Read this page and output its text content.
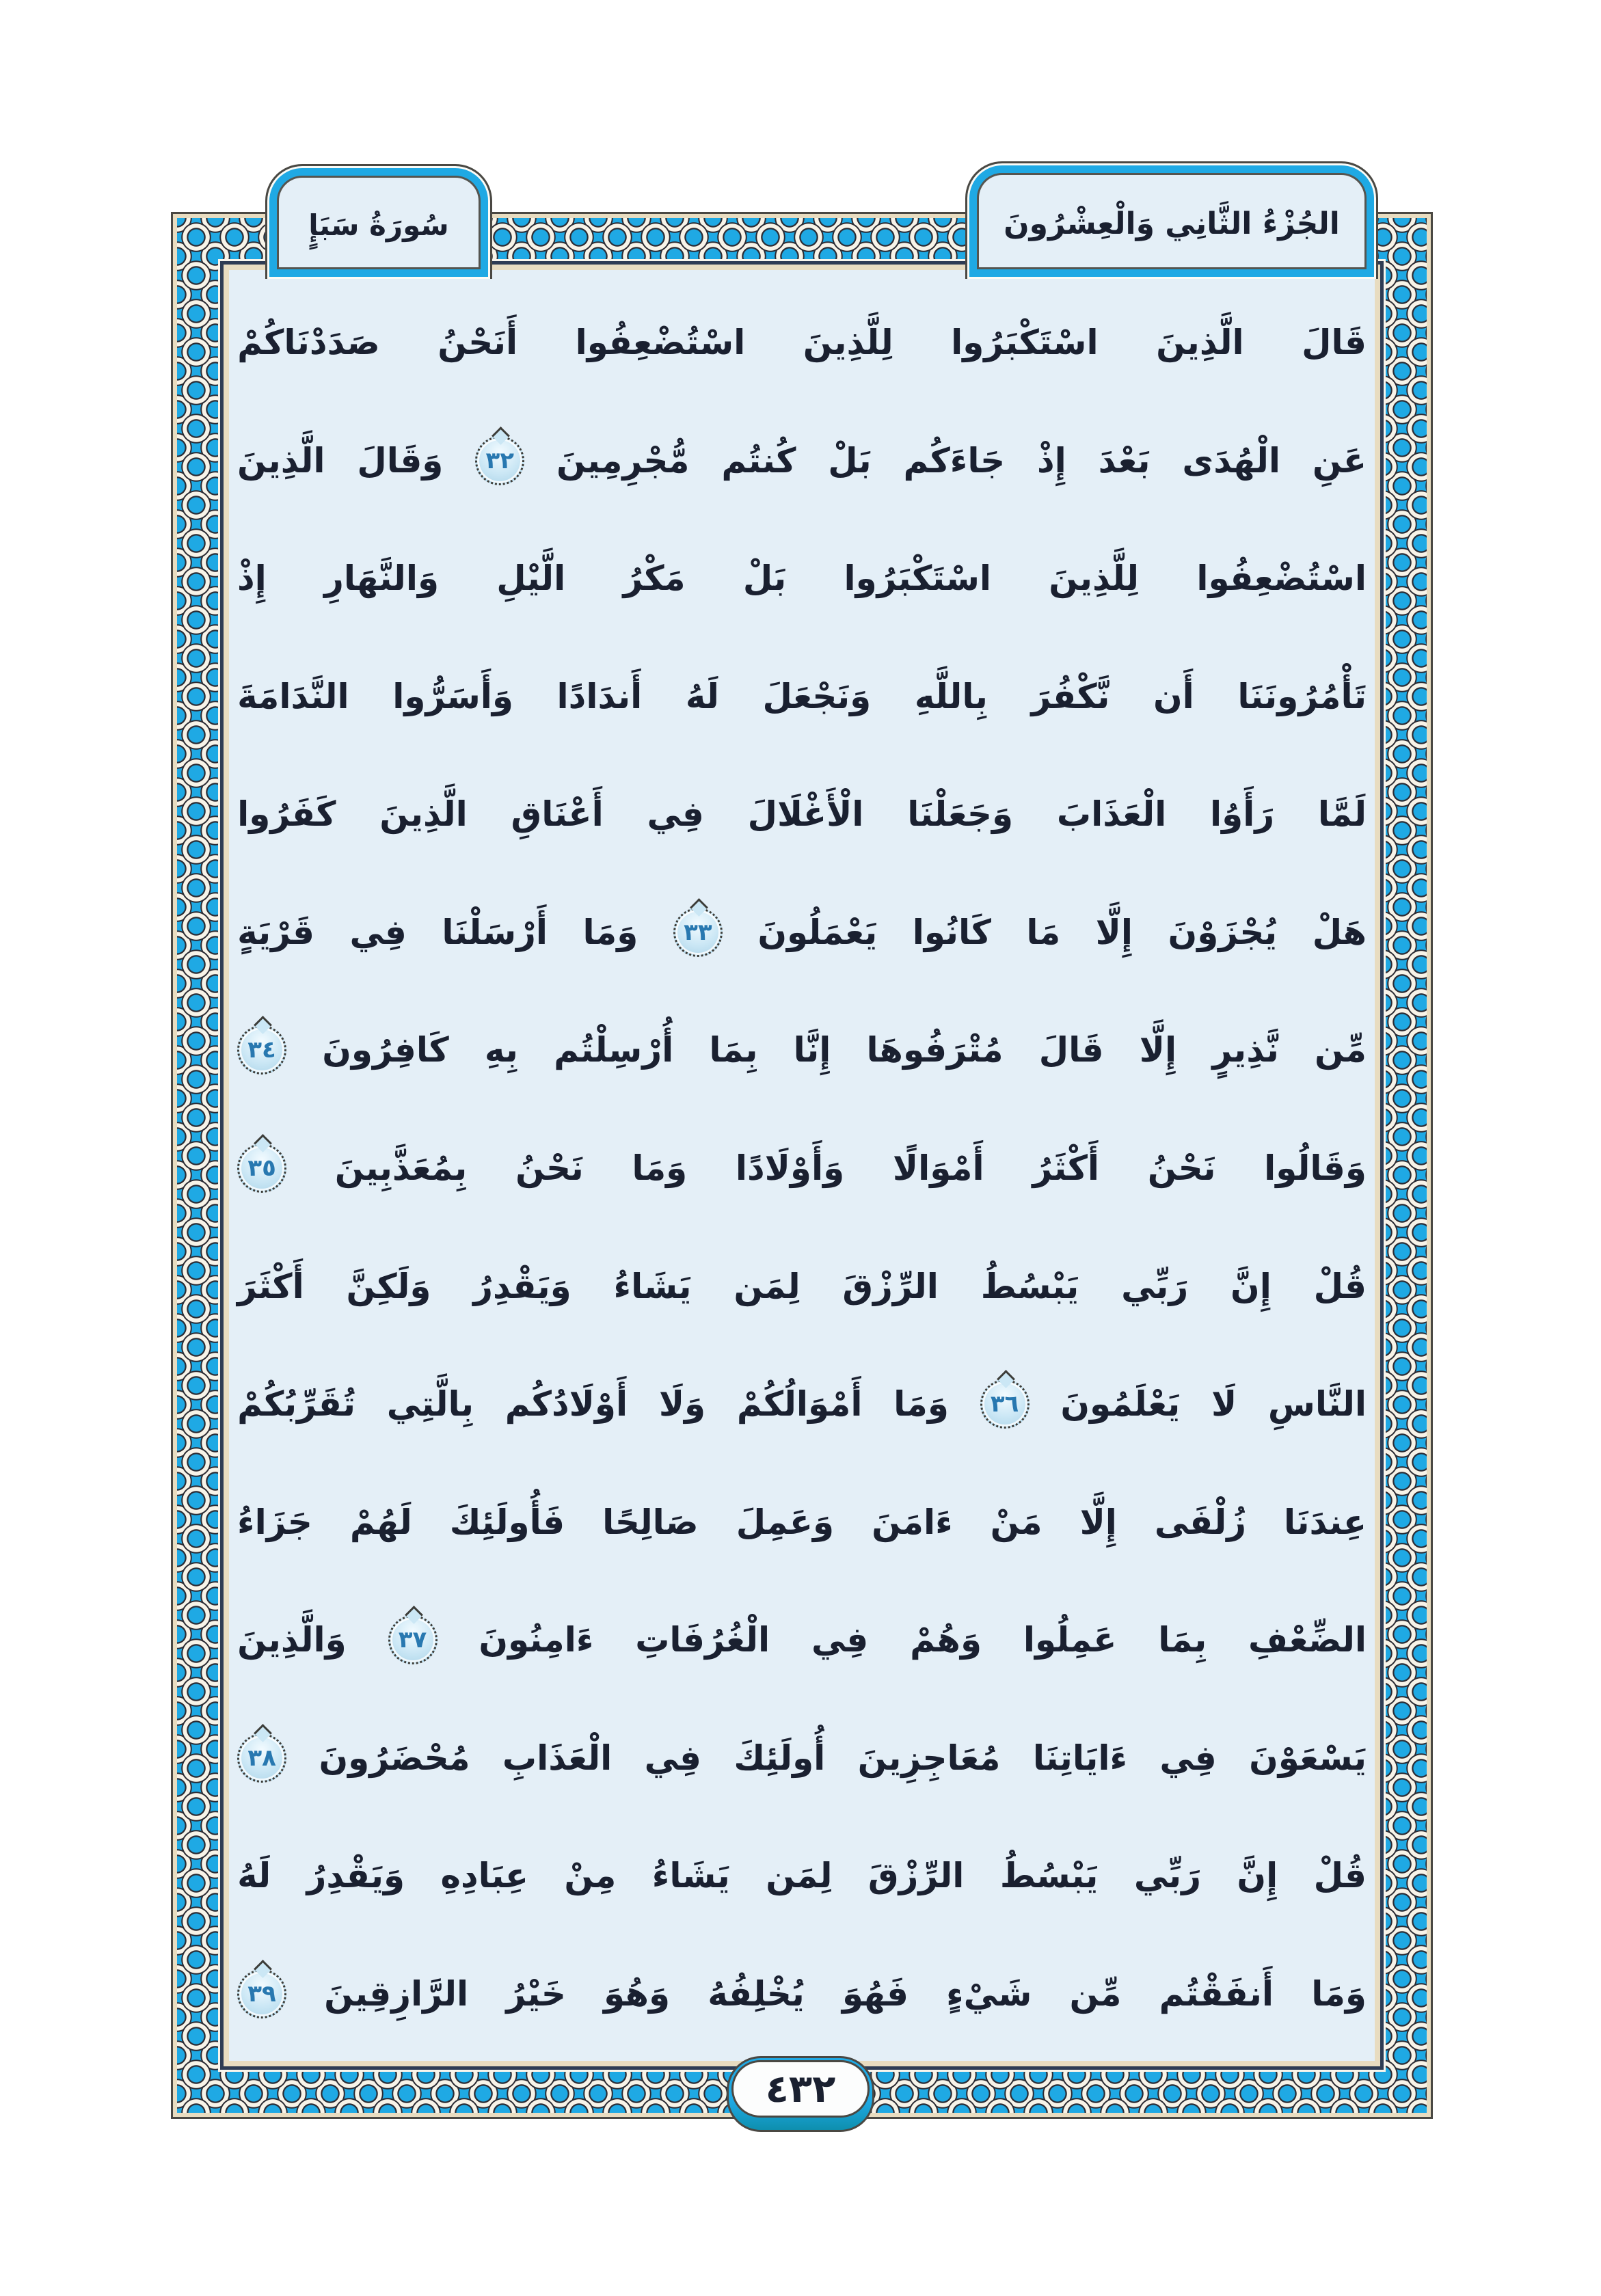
سُورَةُ سَبَإٍ	الجُزْءُ الثَّانِي وَالْعِشْرُونَ
قَالَ
الَّذِينَ
اسْتَكْبَرُوا
لِلَّذِينَ
اسْتُضْعِفُوا
أَنَحْنُ
صَدَدْنَاكُمْ
عَنِ
الْهُدَى
بَعْدَ
إِذْ
جَاءَكُم
بَلْ
كُنتُم
مُّجْرِمِينَ
٣٢
وَقَالَ
الَّذِينَ
اسْتُضْعِفُوا
لِلَّذِينَ
اسْتَكْبَرُوا
بَلْ
مَكْرُ
الَّيْلِ
وَالنَّهَارِ
إِذْ
تَأْمُرُونَنَا
أَن
نَّكْفُرَ
بِاللَّهِ
وَنَجْعَلَ
لَهُ
أَندَادًا
وَأَسَرُّوا
النَّدَامَةَ
لَمَّا
رَأَوُا
الْعَذَابَ
وَجَعَلْنَا
الْأَغْلَالَ
فِي
أَعْنَاقِ
الَّذِينَ
كَفَرُوا
هَلْ
يُجْزَوْنَ
إِلَّا
مَا
كَانُوا
يَعْمَلُونَ
٣٣
وَمَا
أَرْسَلْنَا
فِي
قَرْيَةٍ
مِّن
نَّذِيرٍ
إِلَّا
قَالَ
مُتْرَفُوهَا
إِنَّا
بِمَا
أُرْسِلْتُم
بِهِ
كَافِرُونَ
٣٤
وَقَالُوا
نَحْنُ
أَكْثَرُ
أَمْوَالًا
وَأَوْلَادًا
وَمَا
نَحْنُ
بِمُعَذَّبِينَ
٣٥
قُلْ
إِنَّ
رَبِّي
يَبْسُطُ
الرِّزْقَ
لِمَن
يَشَاءُ
وَيَقْدِرُ
وَلَكِنَّ
أَكْثَرَ
النَّاسِ
لَا
يَعْلَمُونَ
٣٦
وَمَا
أَمْوَالُكُمْ
وَلَا
أَوْلَادُكُم
بِالَّتِي
تُقَرِّبُكُمْ
عِندَنَا
زُلْفَى
إِلَّا
مَنْ
ءَامَنَ
وَعَمِلَ
صَالِحًا
فَأُولَئِكَ
لَهُمْ
جَزَاءُ
الضِّعْفِ
بِمَا
عَمِلُوا
وَهُمْ
فِي
الْغُرُفَاتِ
ءَامِنُونَ
٣٧
وَالَّذِينَ
يَسْعَوْنَ
فِي
ءَايَاتِنَا
مُعَاجِزِينَ
أُولَئِكَ
فِي
الْعَذَابِ
مُحْضَرُونَ
٣٨
قُلْ
إِنَّ
رَبِّي
يَبْسُطُ
الرِّزْقَ
لِمَن
يَشَاءُ
مِنْ
عِبَادِهِ
وَيَقْدِرُ
لَهُ
وَمَا
أَنفَقْتُم
مِّن
شَيْءٍ
فَهُوَ
يُخْلِفُهُ
وَهُوَ
خَيْرُ
الرَّازِقِينَ
٣٩
٤٣٢
